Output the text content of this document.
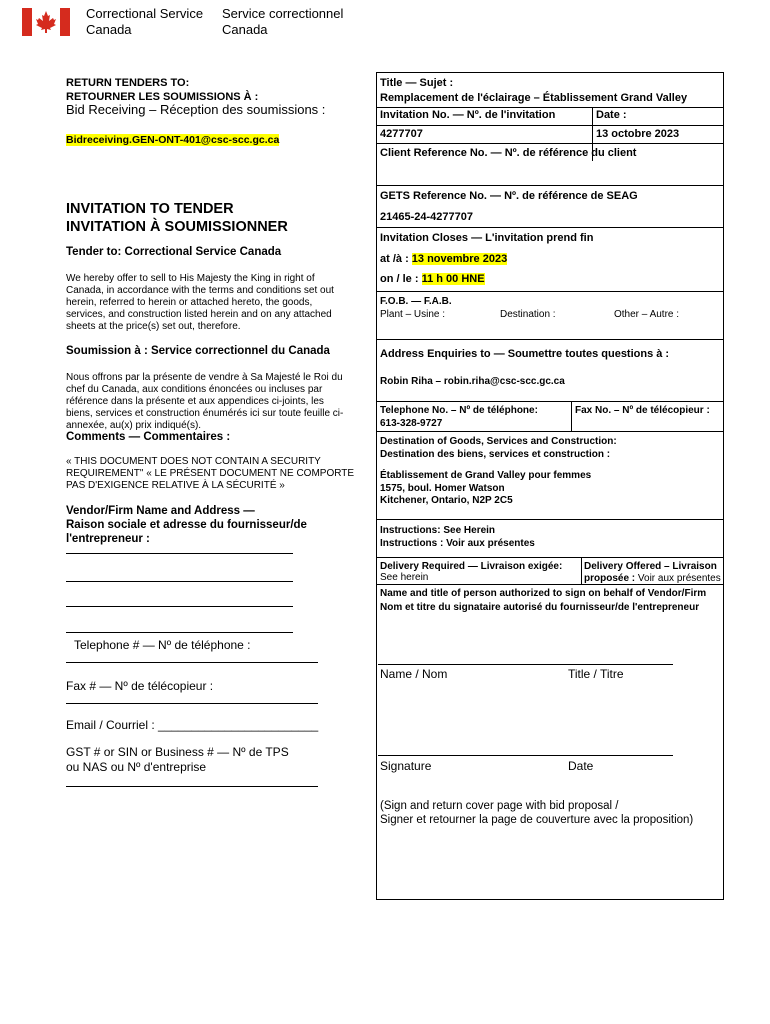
Correctional Service
Canada
Service correctionnel
Canada
RETURN TENDERS TO:
RETOURNER LES SOUMISSIONS À :
Bid Receiving – Réception des soumissions :
Bidreceiving.GEN-ONT-401@csc-scc.gc.ca
INVITATION TO TENDER
INVITATION À SOUMISSIONNER
Tender to: Correctional Service Canada
We hereby offer to sell to His Majesty the King in right of
Canada, in accordance with the terms and conditions set out
herein, referred to herein or attached hereto, the goods,
services, and construction listed herein and on any attached
sheets at the price(s) set out, therefore.
Soumission à : Service correctionnel du Canada
Nous offrons par la présente de vendre à Sa Majesté le Roi du
chef du Canada, aux conditions énoncées ou incluses par
référence dans la présente et aux appendices ci-joints, les
biens, services et construction énumérés ici sur toute feuille ci-
annexée, au(x) prix indiqué(s).
Comments — Commentaires :
« THIS DOCUMENT DOES NOT CONTAIN A SECURITY
REQUIREMENT" « LE PRÉSENT DOCUMENT NE COMPORTE
PAS D'EXIGENCE RELATIVE À LA SÉCURITÉ »
Vendor/Firm Name and Address —
Raison sociale et adresse du fournisseur/de
l'entrepreneur :
Telephone # — Nº de téléphone :
Fax # — Nº de télécopieur :
Email / Courriel : ________________________
GST # or SIN or Business # — Nº de TPS
ou NAS ou Nº d'entreprise
Title — Sujet :
Remplacement de l'éclairage – Établissement Grand Valley
Invitation No. — Nº. de l'invitation	Date :
4277707	13 octobre 2023
Client Reference No. — Nº. de référence du client
GETS Reference No. — Nº. de référence de SEAG
21465-24-4277707
Invitation Closes — L'invitation prend fin
at /à : 13 novembre 2023
on / le : 11 h 00 HNE
F.O.B. — F.A.B.
Plant – Usine :	Destination :	Other – Autre :
Address Enquiries to — Soumettre toutes questions à :
Robin Riha – robin.riha@csc-scc.gc.ca
Telephone No. – Nº de téléphone:
613-328-9727
Fax No. – Nº de télécopieur :
Destination of Goods, Services and Construction:
Destination des biens, services et construction :
Établissement de Grand Valley pour femmes
1575, boul. Homer Watson
Kitchener, Ontario, N2P 2C5
Instructions: See Herein
Instructions : Voir aux présentes
Delivery Required — Livraison exigée:
See herein
Delivery Offered – Livraison
proposée : Voir aux présentes
Name and title of person authorized to sign on behalf of Vendor/Firm
Nom et titre du signataire autorisé du fournisseur/de l'entrepreneur
Name / Nom	Title / Titre
Signature	Date
(Sign and return cover page with bid proposal /
Signer et retourner la page de couverture avec la proposition)
